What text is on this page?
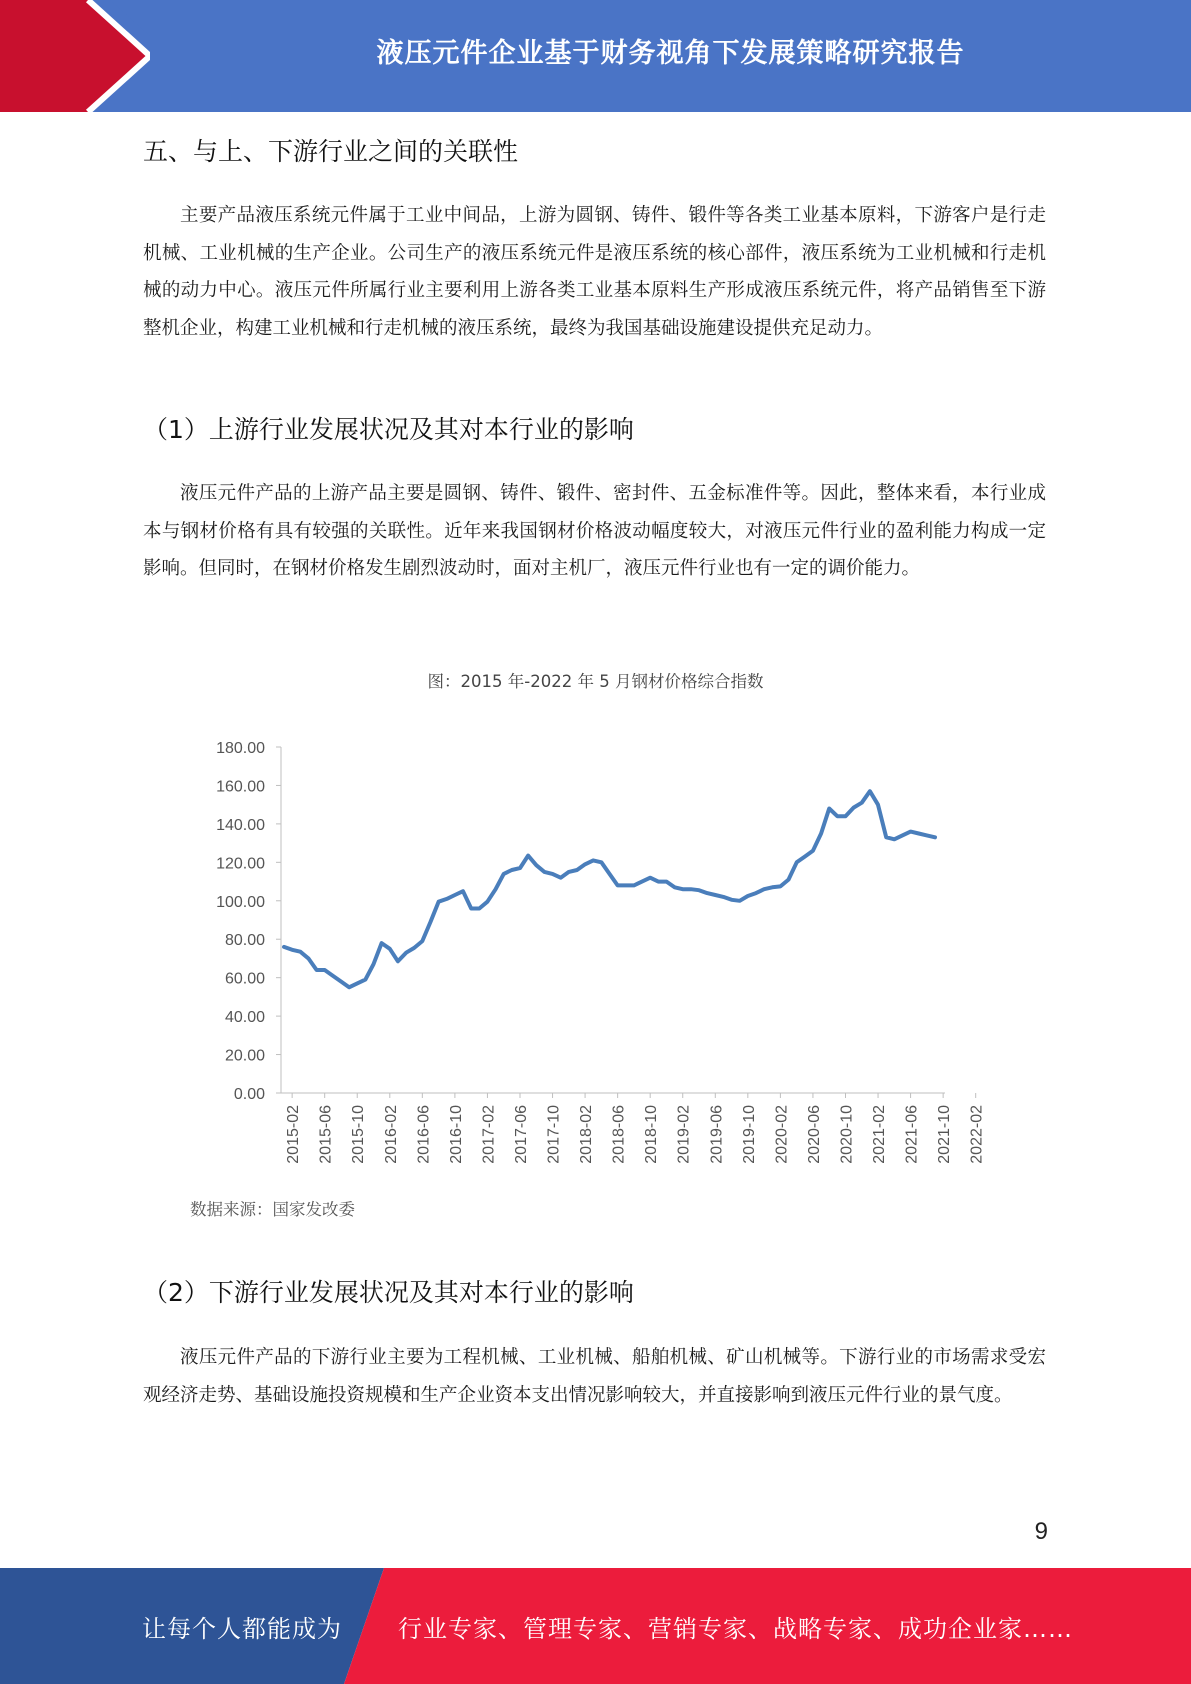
液压元件企业基于财务视角下发展策略研究报告
五、与上、下游行业之间的关联性
主要产品液压系统元件属于工业中间品，上游为圆钢、铸件、锻件等各类工业基本原料，下游客户是行走机械、工业机械的生产企业。公司生产的液压系统元件是液压系统的核心部件，液压系统为工业机械和行走机械的动力中心。液压元件所属行业主要利用上游各类工业基本原料生产形成液压系统元件，将产品销售至下游整机企业，构建工业机械和行走机械的液压系统，最终为我国基础设施建设提供充足动力。
（1）上游行业发展状况及其对本行业的影响
液压元件产品的上游产品主要是圆钢、铸件、锻件、密封件、五金标准件等。因此，整体来看，本行业成本与钢材价格有具有较强的关联性。近年来我国钢材价格波动幅度较大，对液压元件行业的盈利能力构成一定影响。但同时，在钢材价格发生剧烈波动时，面对主机厂，液压元件行业也有一定的调价能力。
图：2015 年-2022 年 5 月钢材价格综合指数
0.00
20.00
40.00
60.00
80.00
100.00
120.00
140.00
160.00
180.00
2015-02 2015-06 2015-10 2016-02 2016-06 2016-10 2017-02 2017-06 2017-10 2018-02 2018-06 2018-10 2019-02 2019-06 2019-10 2020-02 2020-06 2020-10 2021-02 2021-06 2021-10 2022-02
数据来源：国家发改委
（2）下游行业发展状况及其对本行业的影响
液压元件产品的下游行业主要为工程机械、工业机械、船舶机械、矿山机械等。下游行业的市场需求受宏观经济走势、基础设施投资规模和生产企业资本支出情况影响较大，并直接影响到液压元件行业的景气度。
9
让每个人都能成为 行业专家、管理专家、营销专家、战略专家、成功企业家……
